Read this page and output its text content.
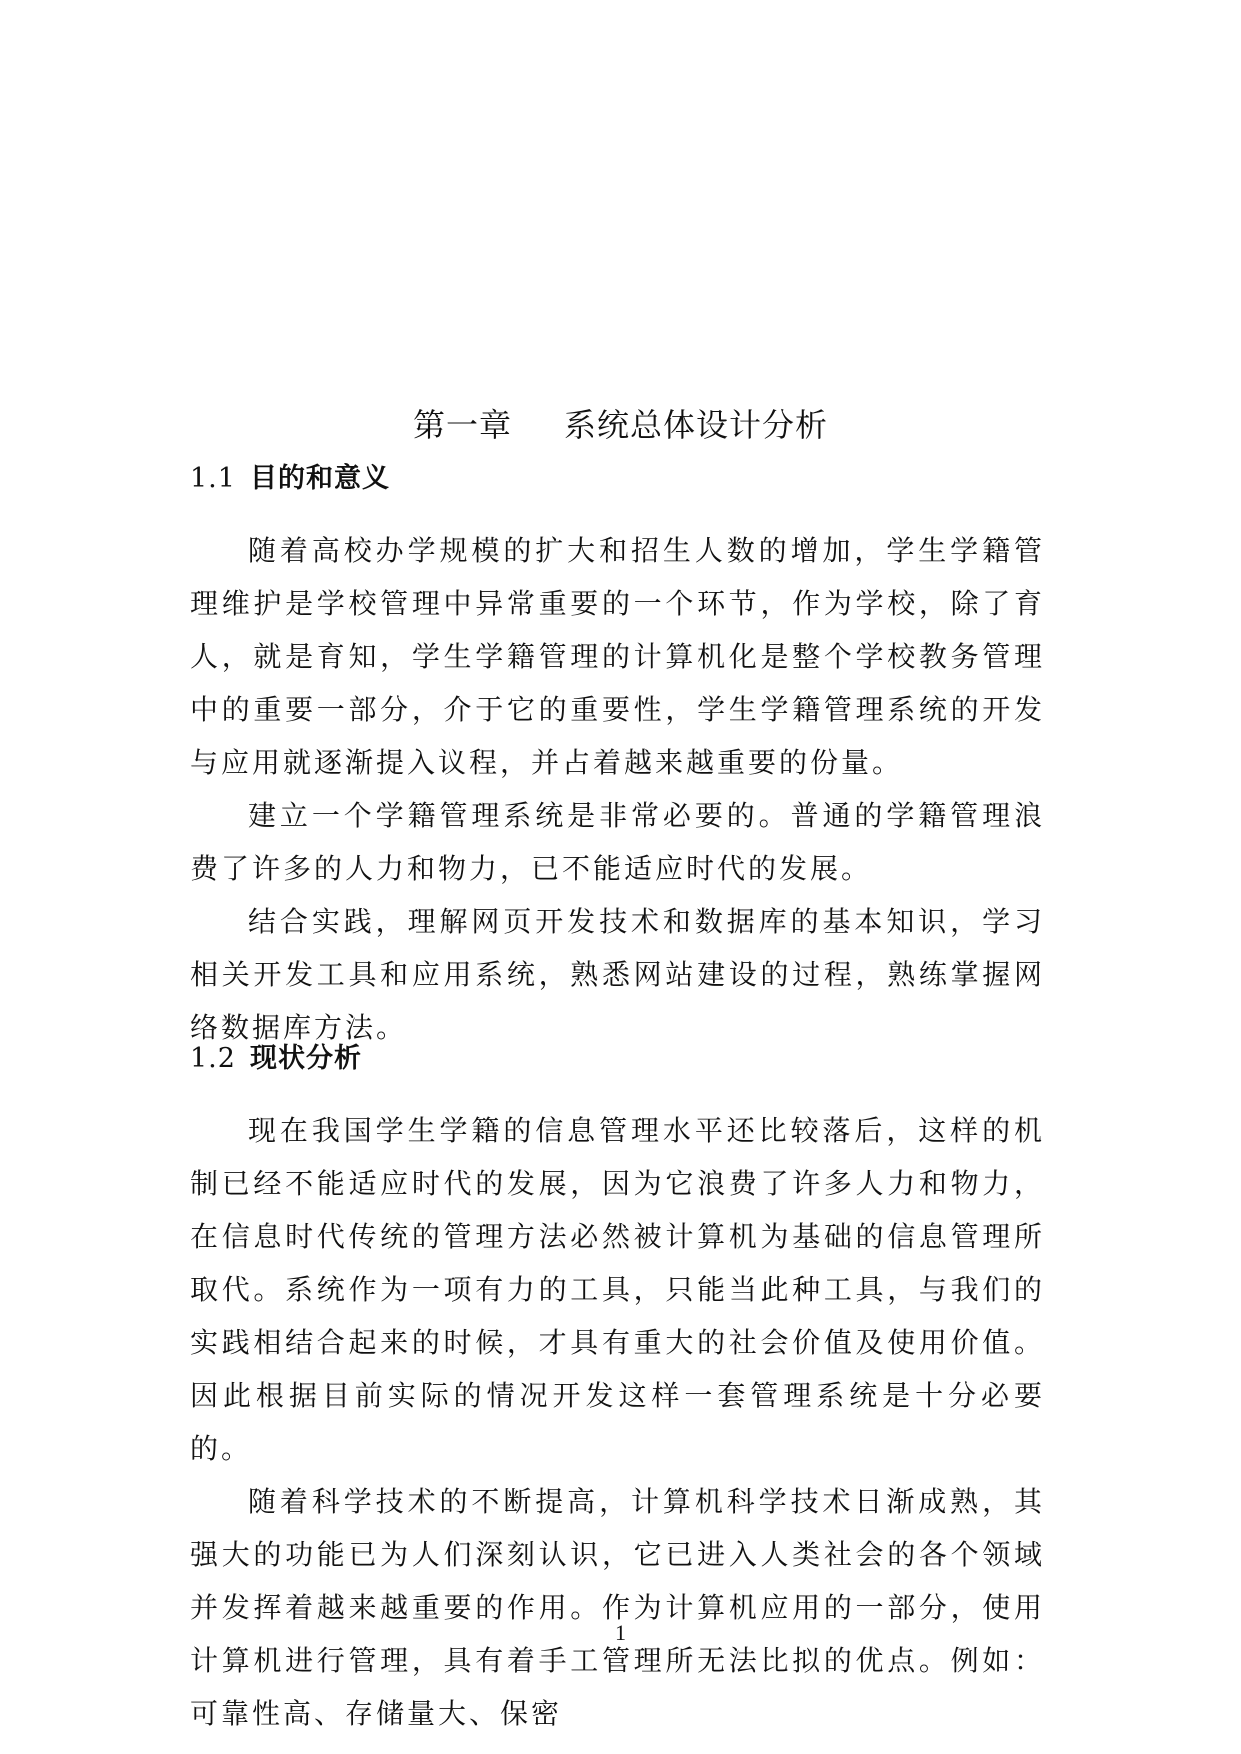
第一章 系统总体设计分析
1.1 目的和意义

随着高校办学规模的扩大和招生人数的增加，学生学籍管理维护是学校管理中异常重要的一个环节，作为学校，除了育人，就是育知，学生学籍管理的计算机化是整个学校教务管理中的重要一部分，介于它的重要性，学生学籍管理系统的开发与应用就逐渐提入议程，并占着越来越重要的份量。

建立一个学籍管理系统是非常必要的。普通的学籍管理浪费了许多的人力和物力，已不能适应时代的发展。

结合实践，理解网页开发技术和数据库的基本知识，学习相关开发工具和应用系统，熟悉网站建设的过程，熟练掌握网络数据库方法。

1.2 现状分析

现在我国学生学籍的信息管理水平还比较落后，这样的机制已经不能适应时代的发展，因为它浪费了许多人力和物力，在信息时代传统的管理方法必然被计算机为基础的信息管理所取代。系统作为一项有力的工具，只能当此种工具，与我们的实践相结合起来的时候，才具有重大的社会价值及使用价值。因此根据目前实际的情况开发这样一套管理系统是十分必要的。

随着科学技术的不断提高，计算机科学技术日渐成熟，其强大的功能已为人们深刻认识，它已进入人类社会的各个领域并发挥着越来越重要的作用。作为计算机应用的一部分，使用计算机进行管理，具有着手工管理所无法比拟的优点。例如：可靠性高、存储量大、保密

1
